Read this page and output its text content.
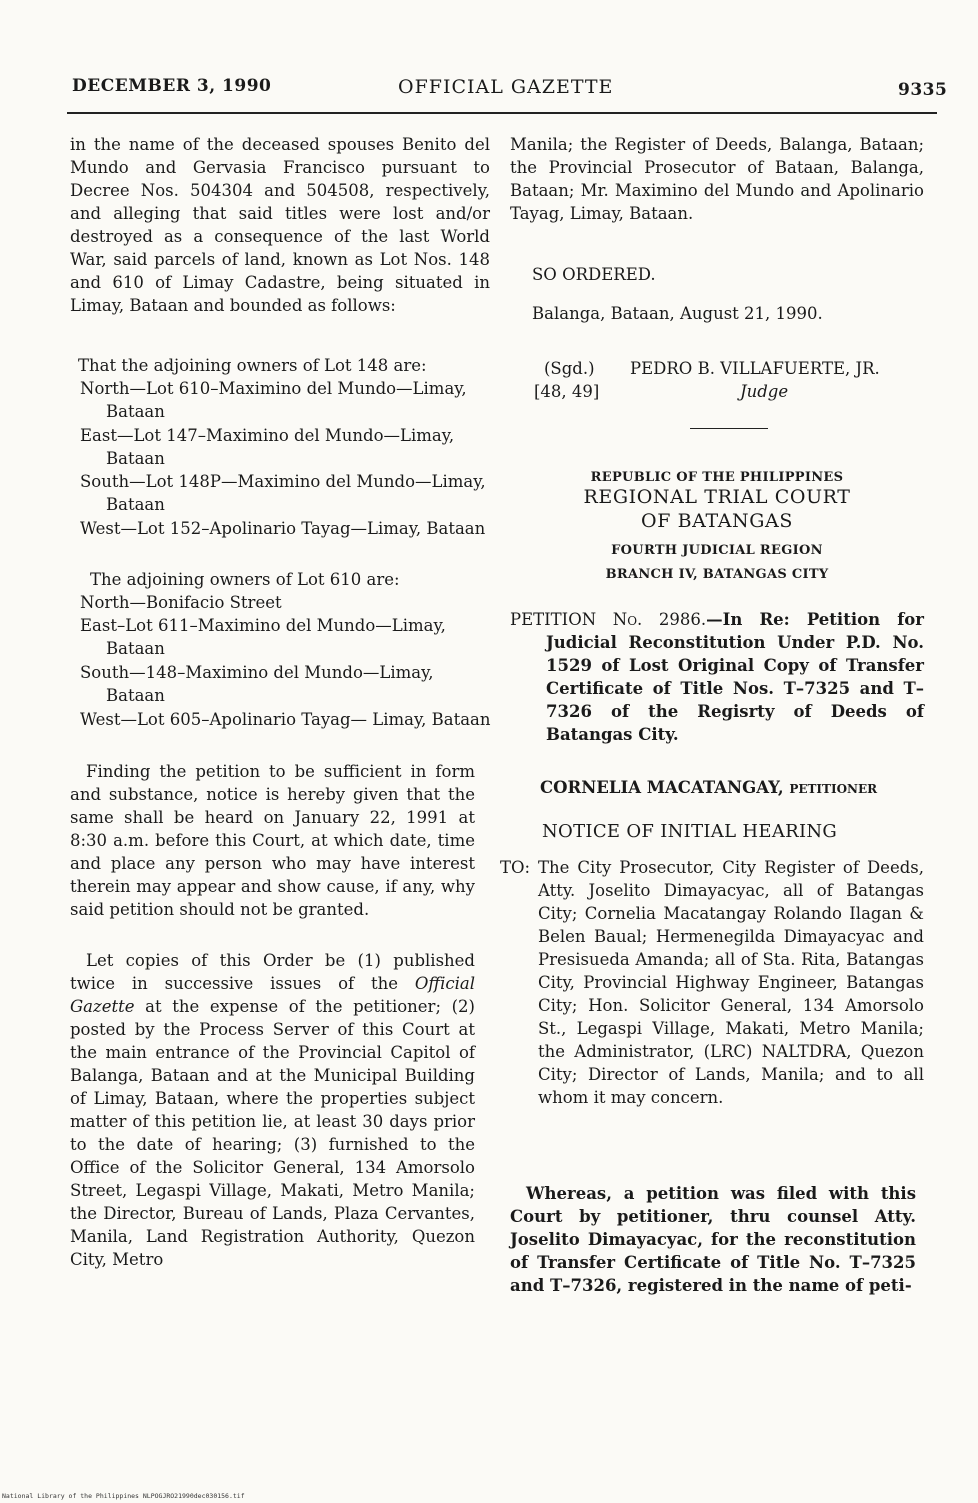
DECEMBER 3, 1990	OFFICIAL GAZETTE	9335

in the name of the deceased spouses Benito del Mundo and Gervasia Francisco pursuant to Decree Nos. 504304 and 504508, respectively, and alleging that said titles were lost and/or destroyed as a consequence of the last World War, said parcels of land, known as Lot Nos. 148 and 610 of Limay Cadastre, being situated in Limay, Bataan and bounded as follows:

That the adjoining owners of Lot 148 are:

North—Lot 610–Maximino del Mundo—Limay, Bataan

East—Lot 147–Maximino del Mundo—Limay, Bataan

South—Lot 148P—Maximino del Mundo—Limay, Bataan

West—Lot 152–Apolinario Tayag—Limay, Bataan

The adjoining owners of Lot 610 are:

North—Bonifacio Street

East–Lot 611–Maximino del Mundo—Limay, Bataan

South—148–Maximino del Mundo—Limay, Bataan

West—Lot 605–Apolinario Tayag— Limay, Bataan

Finding the petition to be sufficient in form and substance, notice is hereby given that the same shall be heard on January 22, 1991 at 8:30 a.m. before this Court, at which date, time and place any person who may have interest therein may appear and show cause, if any, why said petition should not be granted.

Let copies of this Order be (1) published twice in successive issues of the Official Gazette at the expense of the petitioner; (2) posted by the Process Server of this Court at the main entrance of the Provincial Capitol of Balanga, Bataan and at the Municipal Building of Limay, Bataan, where the properties subject matter of this petition lie, at least 30 days prior to the date of hearing; (3) furnished to the Office of the Solicitor General, 134 Amorsolo Street, Legaspi Village, Makati, Metro Manila; the Director, Bureau of Lands, Plaza Cervantes, Manila, Land Registration Authority, Quezon City, Metro

Manila; the Register of Deeds, Balanga, Bataan; the Provincial Prosecutor of Bataan, Balanga, Bataan; Mr. Maximino del Mundo and Apolinario Tayag, Limay, Bataan.

SO ORDERED.

Balanga, Bataan, August 21, 1990.

(Sgd.) PEDRO B. VILLAFUERTE, JR.

[48, 49]	Judge

REPUBLIC OF THE PHILIPPINES

REGIONAL TRIAL COURT

OF BATANGAS

FOURTH JUDICIAL REGION

BRANCH IV, BATANGAS CITY

PETITION No. 2986.—In Re: Petition for Judicial Reconstitution Under P.D. No. 1529 of Lost Original Copy of Transfer Certificate of Title Nos. T–7325 and T–7326 of the Regisrty of Deeds of Batangas City.

CORNELIA MACATANGAY, petitioner

NOTICE OF INITIAL HEARING

TO: The City Prosecutor, City Register of Deeds, Atty. Joselito Dimayacyac, all of Batangas City; Cornelia Macatangay Rolando Ilagan & Belen Baual; Hermenegilda Dimayacyac and Presisueda Amanda; all of Sta. Rita, Batangas City, Provincial Highway Engineer, Batangas City; Hon. Solicitor General, 134 Amorsolo St., Legaspi Village, Makati, Metro Manila; the Administrator, (LRC) NALTDRA, Quezon City; Director of Lands, Manila; and to all whom it may concern.

Whereas, a petition was filed with this Court by petitioner, thru counsel Atty. Joselito Dimayacyac, for the reconstitution of Transfer Certificate of Title No. T–7325 and T–7326, registered in the name of peti-

National Library of the Philippines NLPOGJRO21990dec030156.tif
